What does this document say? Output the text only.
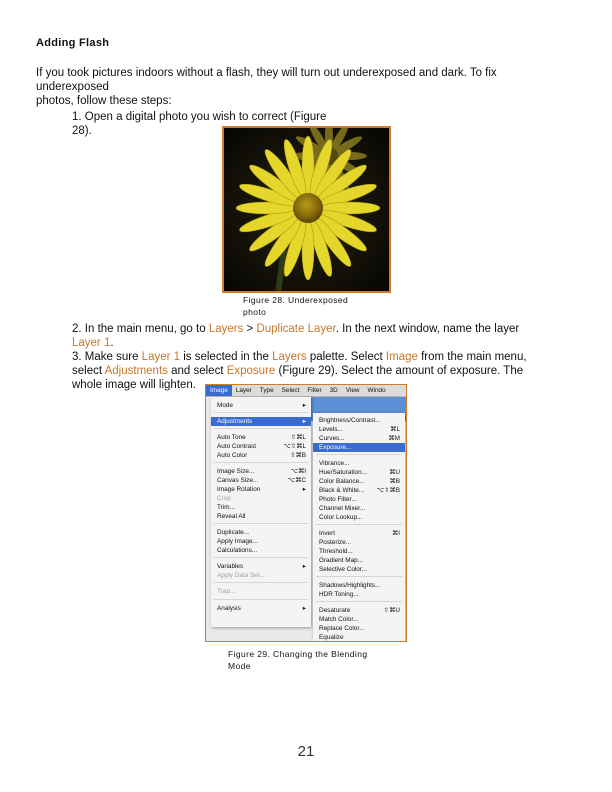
Adding Flash
If you took pictures indoors without a flash, they will turn out underexposed and dark. To fix
underexposed
photos, follow these steps:
1. Open a digital photo you wish to correct (Figure
28).
Figure 28. Underexposed
photo
2. In the main menu, go to Layers > Duplicate Layer. In the next window, name the layer
Layer 1.
3. Make sure Layer 1 is selected in the Layers palette. Select Image from the main menu,
select Adjustments and select Exposure (Figure 29). Select the amount of exposure. The
whole image will lighten.	Image	Layer	Type	Select	Filter	3D	View	Windo
Mode	▸
Adjustments	▸
Auto Tone	⇧⌘L
Auto Contrast	⌥⇧⌘L
Auto Color	⇧⌘B
Image Size...	⌥⌘I
Canvas Size...	⌥⌘C
Image Rotation	▸
Crop
Trim...
Reveal All
Duplicate...
Apply Image...
Calculations...
Variables	▸
Apply Data Set...
Trap...
Analysis	▸
Brightness/Contrast...
Levels...	⌘L
Curves...	⌘M
Exposure...
Vibrance...
Hue/Saturation...	⌘U
Color Balance...	⌘B
Black & White... ⌥⇧⌘B
Photo Filter...
Channel Mixer...
Color Lookup...
Invert	⌘I
Posterize...
Threshold...
Gradient Map...
Selective Color...
Shadows/Highlights...
HDR Toning...
Desaturate	⇧⌘U
Match Color...
Replace Color...
Equalize
Figure 29. Changing the Blending
Mode
21
